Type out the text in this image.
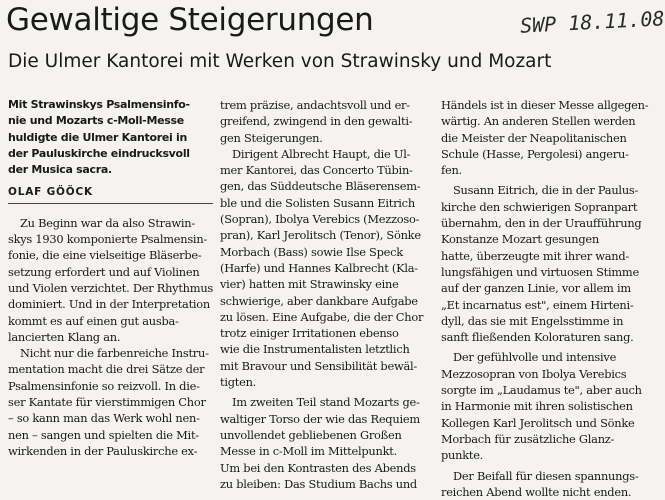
Gewaltige Steigerungen	SWP 18.11.08
Die Ulmer Kantorei mit Werken von Strawinsky und Mozart

Mit Strawinskys Psalmensinfo-
nie und Mozarts c-Moll-Messe
huldigte die Ulmer Kantorei in
der Pauluskirche eindrucksvoll
der Musica sacra.

OLAF GÖÖCK

Zu Beginn war da also Strawin-
skys 1930 komponierte Psalmensin-
fonie, die eine vielseitige Bläserbe-
setzung erfordert und auf Violinen
und Violen verzichtet. Der Rhythmus
dominiert. Und in der Interpretation
kommt es auf einen gut ausba-
lancierten Klang an.

Nicht nur die farbenreiche Instru-
mentation macht die drei Sätze der
Psalmensinfonie so reizvoll. In die-
ser Kantate für vierstimmigen Chor
– so kann man das Werk wohl nen-
nen – sangen und spielten die Mit-
wirkenden in der Pauluskirche ex-

trem präzise, andachtsvoll und er-
greifend, zwingend in den gewalti-
gen Steigerungen.

Dirigent Albrecht Haupt, die Ul-
mer Kantorei, das Concerto Tübin-
gen, das Süddeutsche Bläserensem-
ble und die Solisten Susann Eitrich
(Sopran), Ibolya Verebics (Mezzoso-
pran), Karl Jerolitsch (Tenor), Sönke
Morbach (Bass) sowie Ilse Speck
(Harfe) und Hannes Kalbrecht (Kla-
vier) hatten mit Strawinsky eine
schwierige, aber dankbare Aufgabe
zu lösen. Eine Aufgabe, die der Chor
trotz einiger Irritationen ebenso
wie die Instrumentalisten letztlich
mit Bravour und Sensibilität bewäl-
tigten.

Im zweiten Teil stand Mozarts ge-
waltiger Torso der wie das Requiem
unvollendet gebliebenen Großen
Messe in c-Moll im Mittelpunkt.
Um bei den Kontrasten des Abends
zu bleiben: Das Studium Bachs und

Händels ist in dieser Messe allgegen-
wärtig. An anderen Stellen werden
die Meister der Neapolitanischen
Schule (Hasse, Pergolesi) angeru-
fen.

Susann Eitrich, die in der Paulus-
kirche den schwierigen Sopranpart
übernahm, den in der Uraufführung
Konstanze Mozart gesungen
hatte, überzeugte mit ihrer wand-
lungsfähigen und virtuosen Stimme
auf der ganzen Linie, vor allem im
„Et incarnatus est", einem Hirteni-
dyll, das sie mit Engelsstimme in
sanft fließenden Koloraturen sang.

Der gefühlvolle und intensive
Mezzosopran von Ibolya Verebics
sorgte im „Laudamus te", aber auch
in Harmonie mit ihren solistischen
Kollegen Karl Jerolitsch und Sönke
Morbach für zusätzliche Glanz-
punkte.

Der Beifall für diesen spannungs-
reichen Abend wollte nicht enden.
